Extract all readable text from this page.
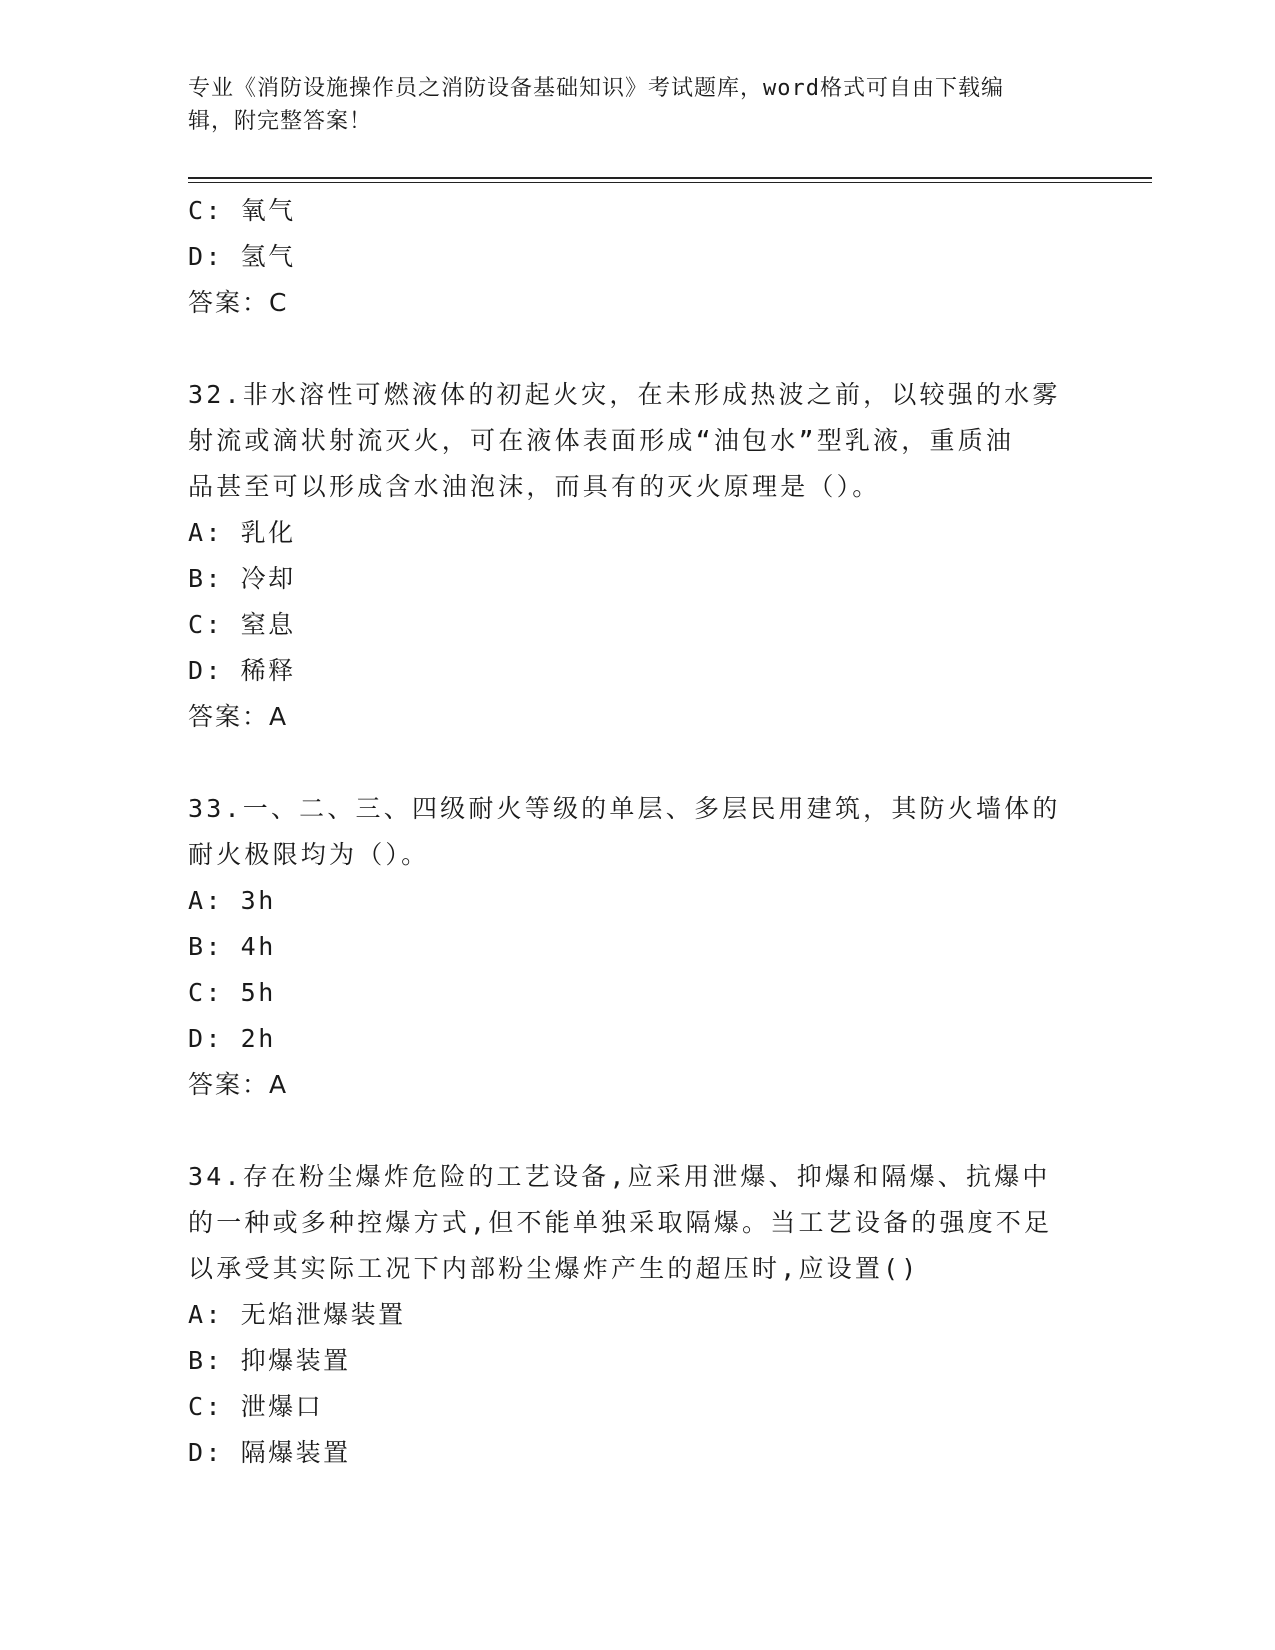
专业《消防设施操作员之消防设备基础知识》考试题库，word格式可自由下载编
辑，附完整答案！
C: 氧气
D: 氢气
答案：C
32.非水溶性可燃液体的初起火灾，在未形成热波之前，以较强的水雾
射流或滴状射流灭火，可在液体表面形成“油包水”型乳液，重质油
品甚至可以形成含水油泡沫，而具有的灭火原理是（）。
A: 乳化
B: 冷却
C: 窒息
D: 稀释
答案：A
33.一、二、三、四级耐火等级的单层、多层民用建筑，其防火墙体的
耐火极限均为（）。
A: 3h
B: 4h
C: 5h
D: 2h
答案：A
34.存在粉尘爆炸危险的工艺设备,应采用泄爆、抑爆和隔爆、抗爆中
的一种或多种控爆方式,但不能单独采取隔爆。当工艺设备的强度不足
以承受其实际工况下内部粉尘爆炸产生的超压时,应设置()
A: 无焰泄爆装置
B: 抑爆装置
C: 泄爆口
D: 隔爆装置
